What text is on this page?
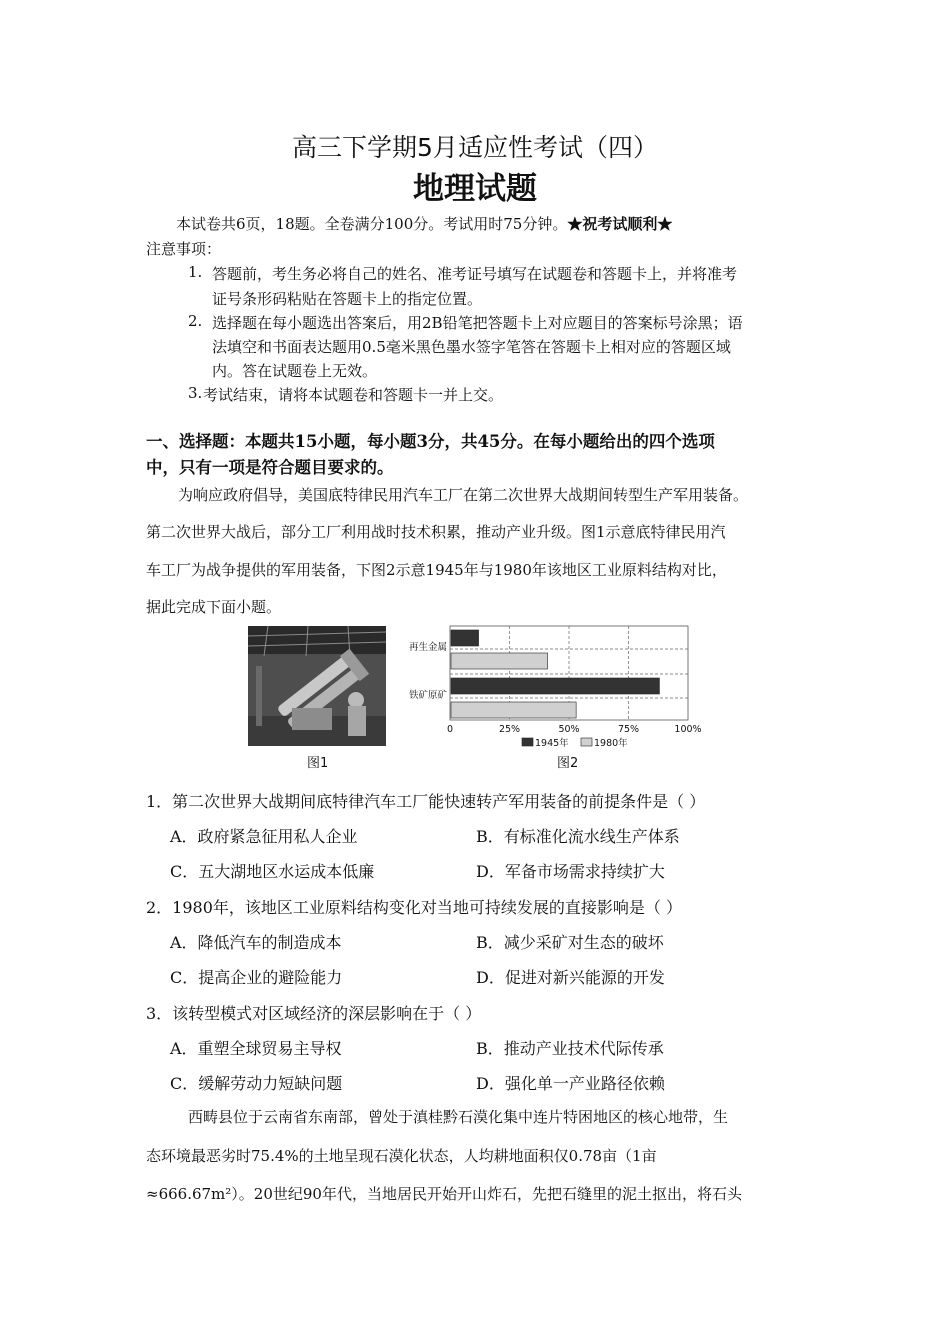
高三下学期5月适应性考试（四）
地理试题
本试卷共6页，18题。全卷满分100分。考试用时75分钟。★祝考试顺利★
注意事项：
1. 答题前，考生务必将自己的姓名、准考证号填写在试题卷和答题卡上，并将准考
证号条形码粘贴在答题卡上的指定位置。
2. 选择题在每小题选出答案后，用2B铅笔把答题卡上对应题目的答案标号涂黑；语
法填空和书面表达题用0.5毫米黑色墨水签字笔答在答题卡上相对应的答题区域
内。答在试题卷上无效。
3. 考试结束，请将本试题卷和答题卡一并上交。
一、选择题：本题共15小题，每小题3分，共45分。在每小题给出的四个选项
中，只有一项是符合题目要求的。
为响应政府倡导，美国底特律民用汽车工厂在第二次世界大战期间转型生产军用装备。
第二次世界大战后，部分工厂利用战时技术积累，推动产业升级。图1示意底特律民用汽
车工厂为战争提供的军用装备，下图2示意1945年与1980年该地区工业原料结构对比，
据此完成下面小题。
图1
再生金属
铁矿原矿
0	25%	50%	75%	100%
1945年	1980年
图2
1．第二次世界大战期间底特律汽车工厂能快速转产军用装备的前提条件是（ ）
A．政府紧急征用私人企业	B．有标准化流水线生产体系
C．五大湖地区水运成本低廉	D．军备市场需求持续扩大
2．1980年，该地区工业原料结构变化对当地可持续发展的直接影响是（ ）
A．降低汽车的制造成本	B．减少采矿对生态的破坏
C．提高企业的避险能力	D．促进对新兴能源的开发
3．该转型模式对区域经济的深层影响在于（ ）
A．重塑全球贸易主导权	B．推动产业技术代际传承
C．缓解劳动力短缺问题	D．强化单一产业路径依赖
西畴县位于云南省东南部，曾处于滇桂黔石漠化集中连片特困地区的核心地带，生
态环境最恶劣时75.4%的土地呈现石漠化状态，人均耕地面积仅0.78亩（1亩
≈666.67m²）。20世纪90年代，当地居民开始开山炸石，先把石缝里的泥土抠出，将石头
